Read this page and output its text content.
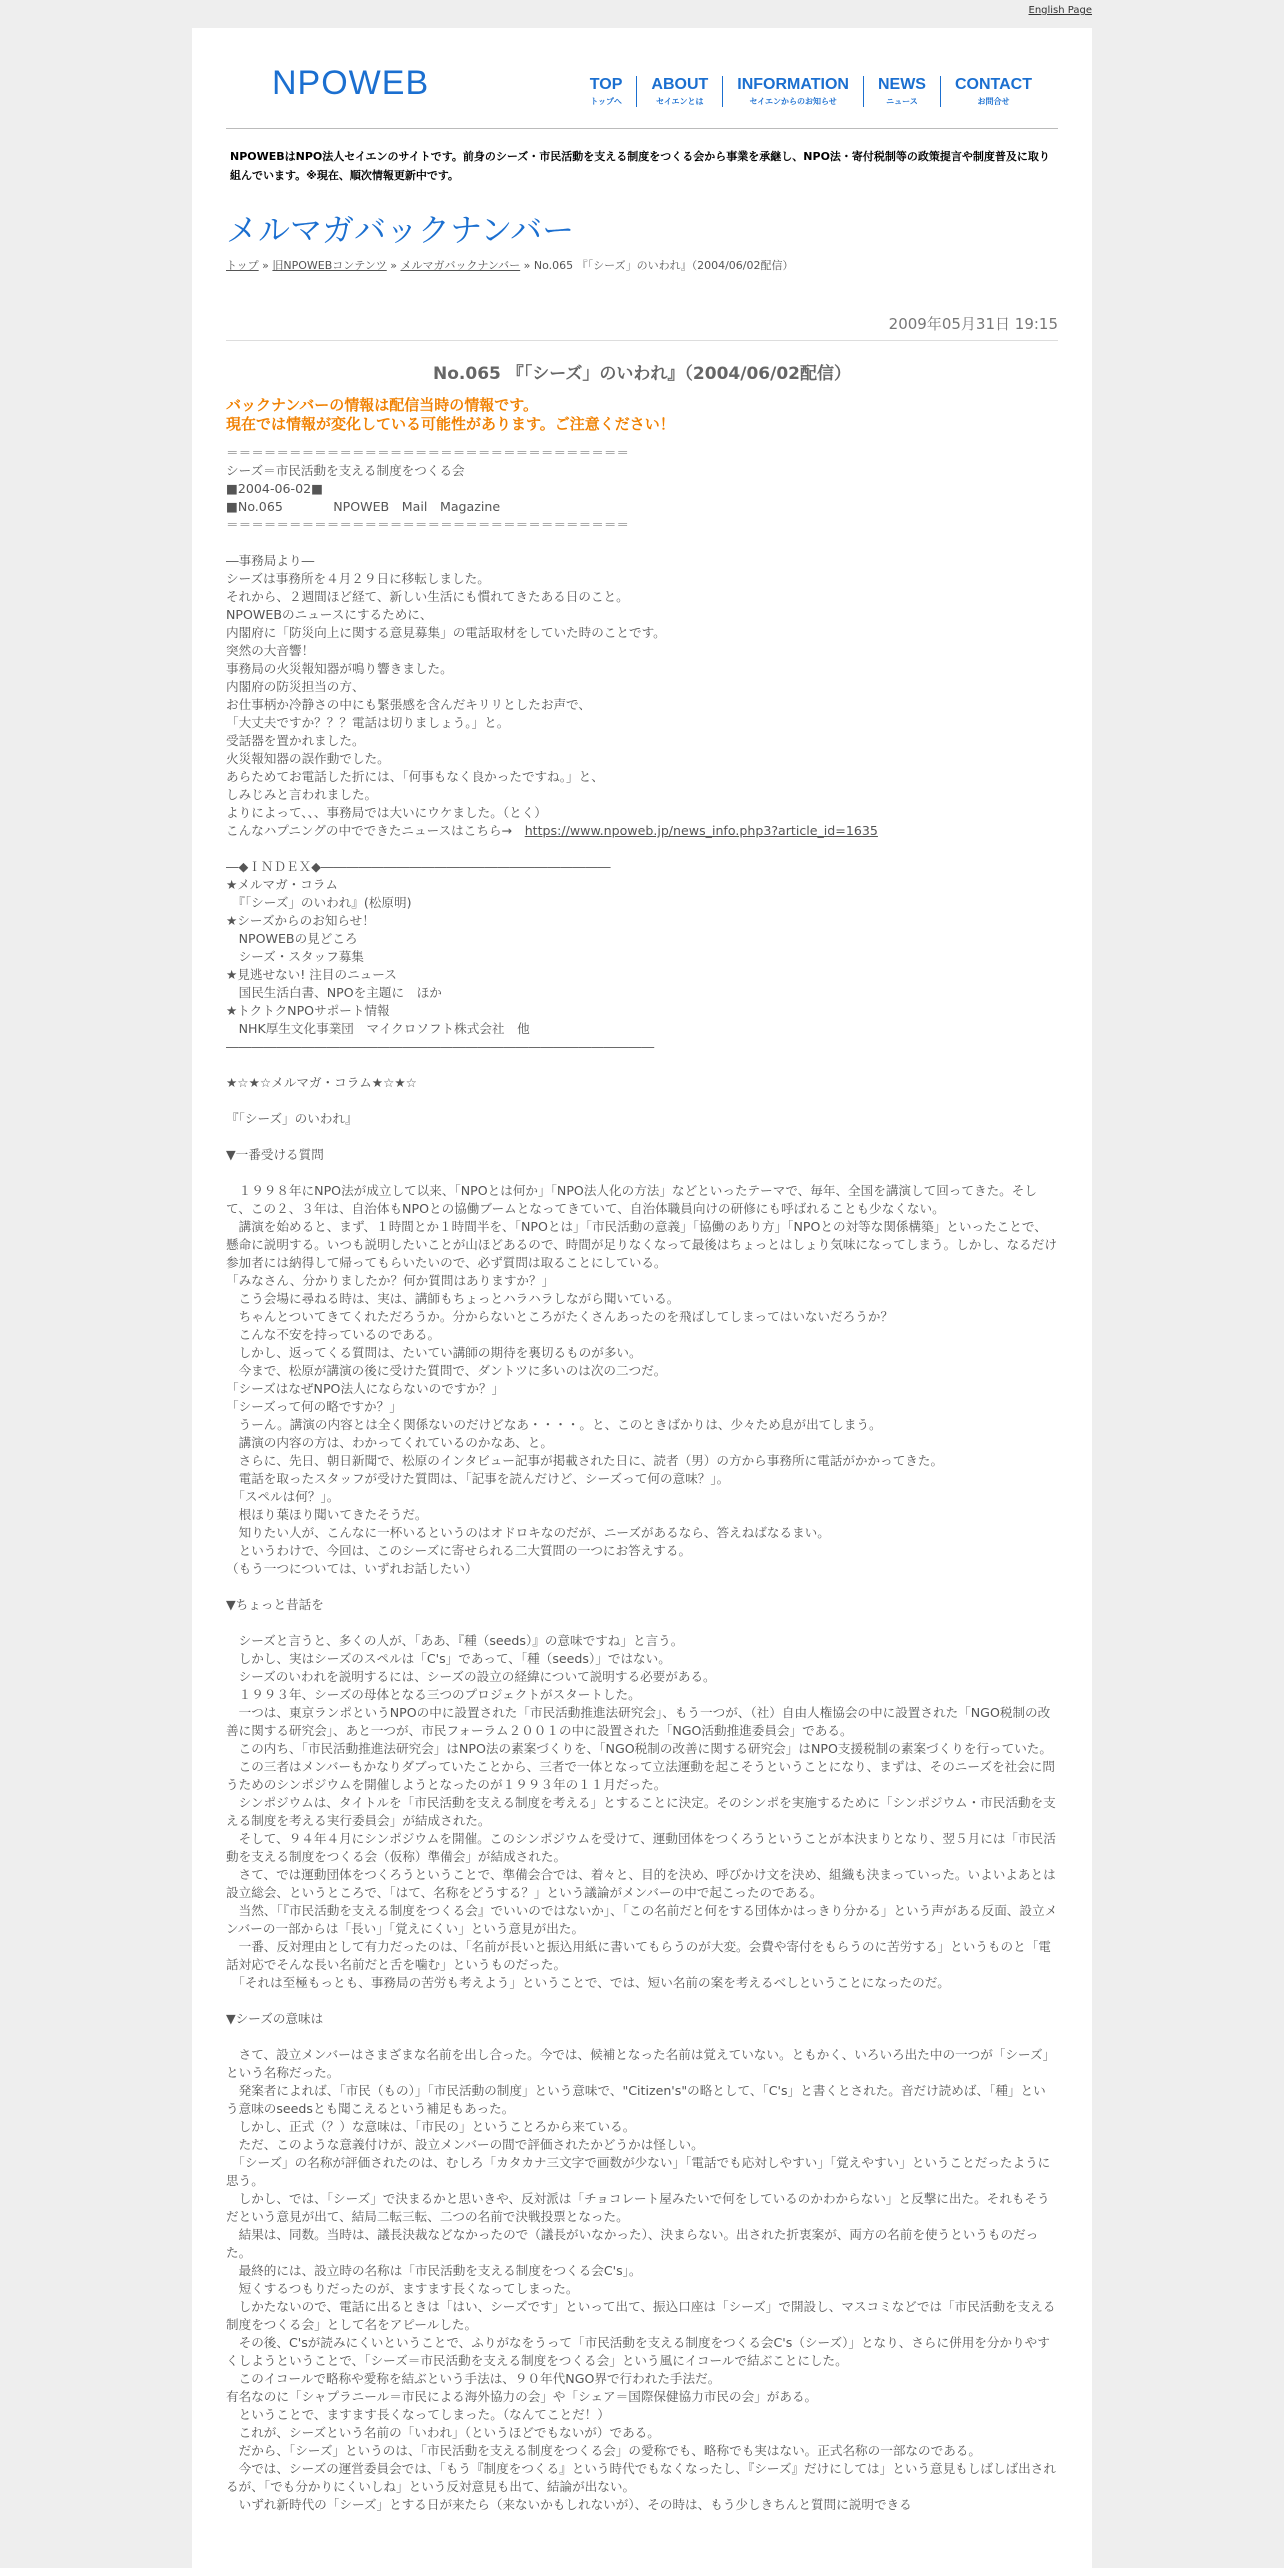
English Page
NPOWEB	TOP
トップへ
ABOUT
セイエンとは
INFORMATION
セイエンからのお知らせ
NEWS
ニュース
CONTACT
お問合せ
NPOWEBはNPO法人セイエンのサイトです。前身のシーズ・市民活動を支える制度をつくる会から事業を承継し、NPO法・寄付税制等の政策提言や制度普及に取り組んでいます。※現在、順次情報更新中です。
メルマガバックナンバー
トップ » 旧NPOWEBコンテンツ » メルマガバックナンバー » No.065 『「シーズ」のいわれ』（2004/06/02配信）
2009年05月31日 19:15
No.065 『「シーズ」のいわれ』（2004/06/02配信）
バックナンバーの情報は配信当時の情報です。
現在では情報が変化している可能性があります。ご注意ください！
＝＝＝＝＝＝＝＝＝＝＝＝＝＝＝＝＝＝＝＝＝＝＝＝＝＝＝＝＝＝＝＝
シーズ＝市民活動を支える制度をつくる会
■2004-06-02■
■No.065　　　　NPOWEB　Mail　Magazine
＝＝＝＝＝＝＝＝＝＝＝＝＝＝＝＝＝＝＝＝＝＝＝＝＝＝＝＝＝＝＝＝
―事務局より―
シーズは事務所を４月２９日に移転しました。
それから、２週間ほど経て、新しい生活にも慣れてきたある日のこと。
NPOWEBのニュースにするために、
内閣府に「防災向上に関する意見募集」の電話取材をしていた時のことです。
突然の大音響！
事務局の火災報知器が鳴り響きました。
内閣府の防災担当の方、
お仕事柄か冷静さの中にも緊張感を含んだキリリとしたお声で、
「大丈夫ですか？？？電話は切りましょう。」と。
受話器を置かれました。
火災報知器の誤作動でした。
あらためてお電話した折には、「何事もなく良かったですね。」と、
しみじみと言われました。
よりによって、、、事務局では大いにウケました。（とく）
こんなハプニングの中でできたニュースはこちら→　https://www.npoweb.jp/news_info.php3?article_id=1635
―◆ＩＮＤＥＸ◆―――――――――――――――――――――――
★メルマガ・コラム
　『「シーズ」のいわれ』(松原明)
★シーズからのお知らせ！
　NPOWEBの見どころ
　シーズ・スタッフ募集
★見逃せない! 注目のニュース
　国民生活白書、NPOを主題に　ほか
★トクトクNPOサポート情報
　NHK厚生文化事業団　マイクロソフト株式会社　他
――――――――――――――――――――――――――――――――――
★☆★☆メルマガ・コラム★☆★☆
『「シーズ」のいわれ』
▼一番受ける質問
　１９９８年にNPO法が成立して以来、「NPOとは何か」「NPO法人化の方法」などといったテーマで、毎年、全国を講演して回ってきた。そして、この２、３年は、自治体もNPOとの協働ブームとなってきていて、自治体職員向けの研修にも呼ばれることも少なくない。
　講演を始めると、まず、１時間とか１時間半を、「NPOとは」「市民活動の意義」「協働のあり方」「NPOとの対等な関係構築」といったことで、懸命に説明する。いつも説明したいことが山ほどあるので、時間が足りなくなって最後はちょっとはしょり気味になってしまう。しかし、なるだけ参加者には納得して帰ってもらいたいので、必ず質問は取ることにしている。
「みなさん、分かりましたか？何か質問はありますか？」
　こう会場に尋ねる時は、実は、講師もちょっとハラハラしながら聞いている。
　ちゃんとついてきてくれただろうか。分からないところがたくさんあったのを飛ばしてしまってはいないだろうか？
　こんな不安を持っているのである。
　しかし、返ってくる質問は、たいてい講師の期待を裏切るものが多い。
　今まで、松原が講演の後に受けた質問で、ダントツに多いのは次の二つだ。
「シーズはなぜNPO法人にならないのですか？」
「シーズって何の略ですか？」
　うーん。講演の内容とは全く関係ないのだけどなあ・・・・。と、このときばかりは、少々ため息が出てしまう。
　講演の内容の方は、わかってくれているのかなあ、と。
　さらに、先日、朝日新聞で、松原のインタビュー記事が掲載された日に、読者（男）の方から事務所に電話がかかってきた。
　電話を取ったスタッフが受けた質問は、「記事を読んだけど、シーズって何の意味？」。
　「スペルは何？」。
　根ほり葉ほり聞いてきたそうだ。
　知りたい人が、こんなに一杯いるというのはオドロキなのだが、ニーズがあるなら、答えねばなるまい。
　というわけで、今回は、このシーズに寄せられる二大質問の一つにお答えする。
（もう一つについては、いずれお話したい）
▼ちょっと昔話を
　シーズと言うと、多くの人が、「ああ、『種（seeds）』の意味ですね」と言う。
　しかし、実はシーズのスペルは「C's」であって、「種（seeds）」ではない。
　シーズのいわれを説明するには、シーズの設立の経緯について説明する必要がある。
　１９９３年、シーズの母体となる三つのプロジェクトがスタートした。
　一つは、東京ランポというNPOの中に設置された「市民活動推進法研究会」、もう一つが、（社）自由人権協会の中に設置された「NGO税制の改善に関する研究会」、あと一つが、市民フォーラム２００１の中に設置された「NGO活動推進委員会」である。
　この内ち、「市民活動推進法研究会」はNPO法の素案づくりを、「NGO税制の改善に関する研究会」はNPO支援税制の素案づくりを行っていた。
　この三者はメンバーもかなりダブっていたことから、三者で一体となって立法運動を起こそうということになり、まずは、そのニーズを社会に問うためのシンポジウムを開催しようとなったのが１９９３年の１１月だった。
　シンポジウムは、タイトルを「市民活動を支える制度を考える」とすることに決定。そのシンポを実施するために「シンポジウム・市民活動を支える制度を考える実行委員会」が結成された。
　そして、９４年４月にシンポジウムを開催。このシンポジウムを受けて、運動団体をつくろうということが本決まりとなり、翌５月には「市民活動を支える制度をつくる会（仮称）準備会」が結成された。
　さて、では運動団体をつくろうということで、準備会合では、着々と、目的を決め、呼びかけ文を決め、組織も決まっていった。いよいよあとは設立総会、というところで、「はて、名称をどうする？」という議論がメンバーの中で起こったのである。
　当然、「『市民活動を支える制度をつくる会』でいいのではないか」、「この名前だと何をする団体かはっきり分かる」という声がある反面、設立メンバーの一部からは「長い」「覚えにくい」という意見が出た。
　一番、反対理由として有力だったのは、「名前が長いと振込用紙に書いてもらうのが大変。会費や寄付をもらうのに苦労する」というものと「電話対応でそんな長い名前だと舌を噛む」というものだった。
　「それは至極もっとも、事務局の苦労も考えよう」ということで、では、短い名前の案を考えるべしということになったのだ。
▼シーズの意味は
　さて、設立メンバーはさまざまな名前を出し合った。今では、候補となった名前は覚えていない。ともかく、いろいろ出た中の一つが「シーズ」という名称だった。
　発案者によれば、「市民（もの）」「市民活動の制度」という意味で、"Citizen's"の略として、「C's」と書くとされた。音だけ読めば、「種」という意味のseedsとも聞こえるという補足もあった。
　しかし、正式（？）な意味は、「市民の」ということろから来ている。
　ただ、このような意義付けが、設立メンバーの間で評価されたかどうかは怪しい。
　「シーズ」の名称が評価されたのは、むしろ「カタカナ三文字で画数が少ない」「電話でも応対しやすい」「覚えやすい」ということだったように思う。
　しかし、では、「シーズ」で決まるかと思いきや、反対派は「チョコレート屋みたいで何をしているのかわからない」と反撃に出た。それもそうだという意見が出て、結局二転三転、二つの名前で決戦投票となった。
　結果は、同数。当時は、議長決裁などなかったので（議長がいなかった）、決まらない。出された折衷案が、両方の名前を使うというものだった。
　最終的には、設立時の名称は「市民活動を支える制度をつくる会C's」。
　短くするつもりだったのが、ますます長くなってしまった。
　しかたないので、電話に出るときは「はい、シーズです」といって出て、振込口座は「シーズ」で開設し、マスコミなどでは「市民活動を支える制度をつくる会」として名をアピールした。
　その後、C'sが読みにくいということで、ふりがなをうって「市民活動を支える制度をつくる会C's（シーズ）」となり、さらに併用を分かりやすくしようということで、「シーズ＝市民活動を支える制度をつくる会」という風にイコールで結ぶことにした。
　このイコールで略称や愛称を結ぶという手法は、９０年代NGO界で行われた手法だ。
有名なのに「シャプラニール＝市民による海外協力の会」や「シェア＝国際保健協力市民の会」がある。
　ということで、ますます長くなってしまった。（なんてことだ！）
　これが、シーズという名前の「いわれ」（というほどでもないが）である。
　だから、「シーズ」というのは、「市民活動を支える制度をつくる会」の愛称でも、略称でも実はない。正式名称の一部なのである。
　今では、シーズの運営委員会では、「もう『制度をつくる』という時代でもなくなったし、『シーズ』だけにしては」という意見もしばしば出されるが、「でも分かりにくいしね」という反対意見も出て、結論が出ない。
　いずれ新時代の「シーズ」とする日が来たら（来ないかもしれないが）、その時は、もう少しきちんと質問に説明できる
